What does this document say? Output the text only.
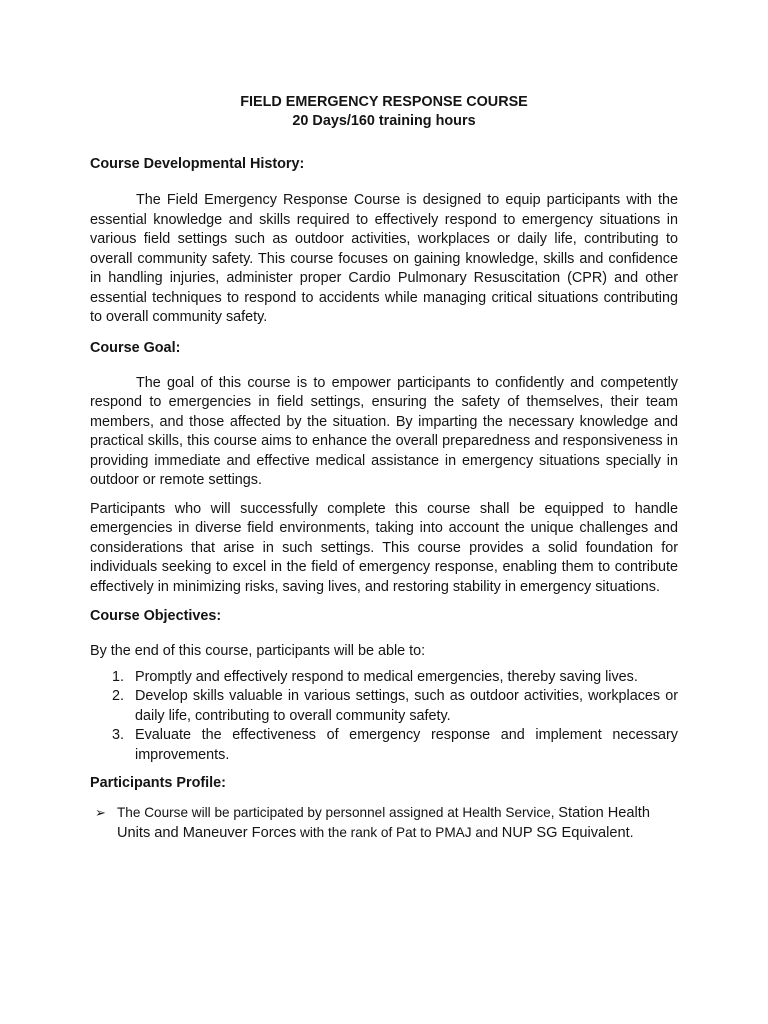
FIELD EMERGENCY RESPONSE COURSE

20 Days/160 training hours

Course Developmental History:

The Field Emergency Response Course is designed to equip participants with the essential knowledge and skills required to effectively respond to emergency situations in various field settings such as outdoor activities, workplaces or daily life, contributing to overall community safety. This course focuses on gaining knowledge, skills and confidence in handling injuries, administer proper Cardio Pulmonary Resuscitation (CPR) and other essential techniques to respond to accidents while managing critical situations contributing to overall community safety.

Course Goal:

The goal of this course is to empower participants to confidently and competently respond to emergencies in field settings, ensuring the safety of themselves, their team members, and those affected by the situation. By imparting the necessary knowledge and practical skills, this course aims to enhance the overall preparedness and responsiveness in providing immediate and effective medical assistance in emergency situations specially in outdoor or remote settings.

Participants who will successfully complete this course shall be equipped to handle emergencies in diverse field environments, taking into account the unique challenges and considerations that arise in such settings. This course provides a solid foundation for individuals seeking to excel in the field of emergency response, enabling them to contribute effectively in minimizing risks, saving lives, and restoring stability in emergency situations.

Course Objectives:

By the end of this course, participants will be able to:

1. Promptly and effectively respond to medical emergencies, thereby saving lives.
2. Develop skills valuable in various settings, such as outdoor activities, workplaces or daily life, contributing to overall community safety.
3. Evaluate the effectiveness of emergency response and implement necessary improvements.

Participants Profile:

➢ The Course will be participated by personnel assigned at Health Service, Station Health Units and Maneuver Forces with the rank of Pat to PMAJ and NUP SG Equivalent.
